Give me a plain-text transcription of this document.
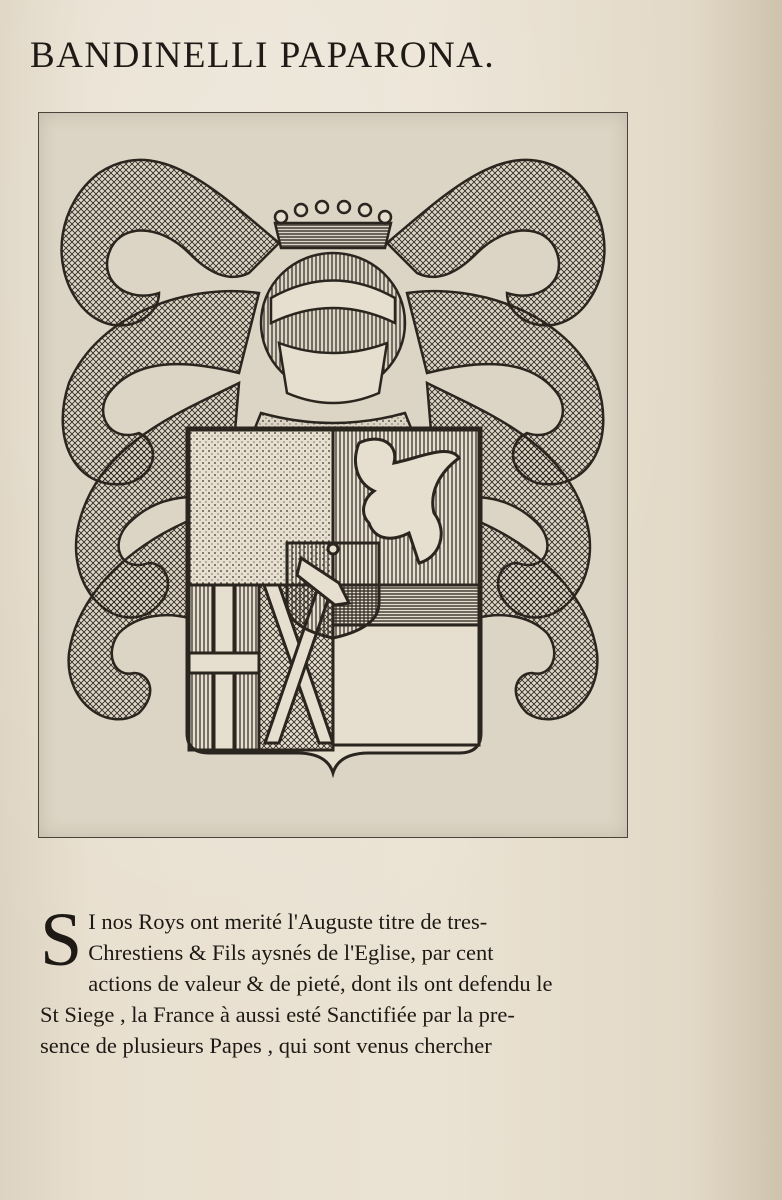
BANDINELLI PAPARONA.
S I nos Roys ont merité l'Auguste titre de tres-
Chrestiens & Fils aysnés de l'Eglise, par cent
actions de valeur & de pieté, dont ils ont defendu le
St Siege , la France à aussi esté Sanctifiée par la pre-
sence de plusieurs Papes , qui sont venus chercher
